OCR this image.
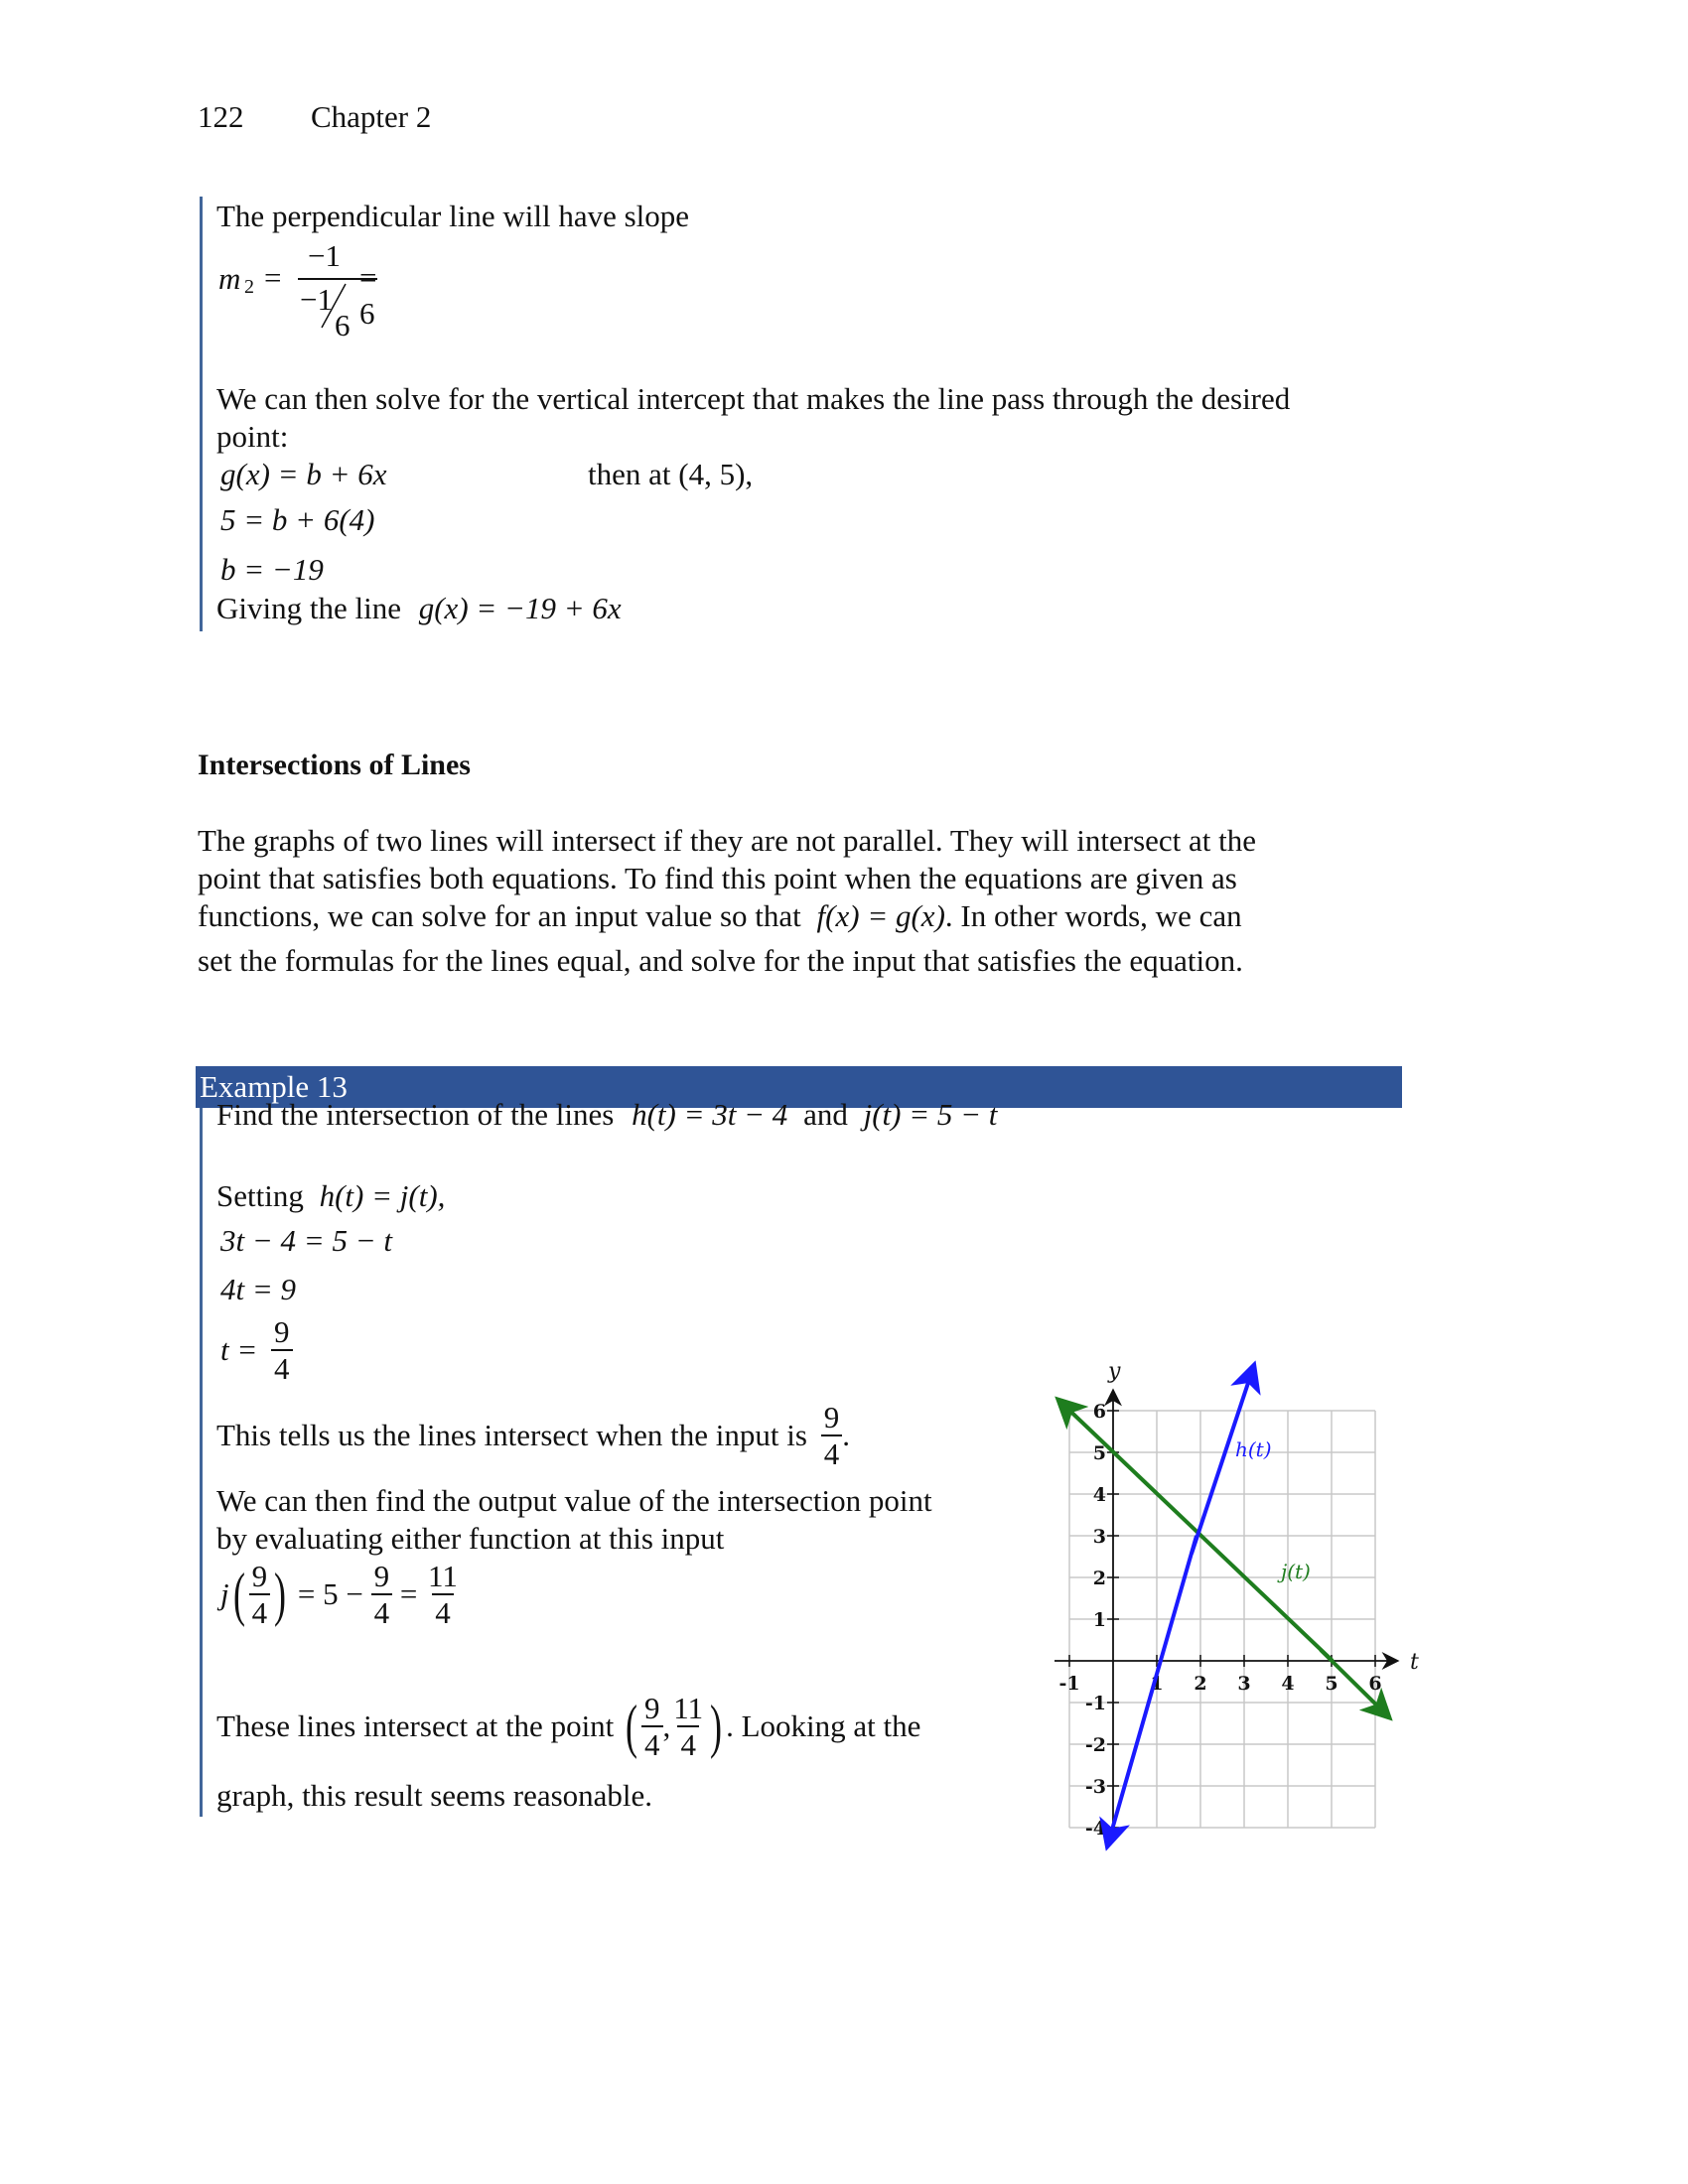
122 Chapter 2
The perpendicular line will have slope
m 2 =
−1
−1
6
= 6
We can then solve for the vertical intercept that makes the line pass through the desired
point:
g(x) = b + 6x	then at (4, 5),
5 = b + 6(4)
b = −19
Giving the line g(x) = −19 + 6x
Intersections of Lines
The graphs of two lines will intersect if they are not parallel. They will intersect at the
point that satisfies both equations. To find this point when the equations are given as
functions, we can solve for an input value so that f(x) = g(x). In other words, we can
set the formulas for the lines equal, and solve for the input that satisfies the equation.
Example 13
Find the intersection of the lines h(t) = 3t − 4 and j(t) = 5 − t
Setting h(t) = j(t),
3t − 4 = 5 − t
4t = 9
$t = \frac{9}{4}$
This tells us the lines intersect when the input is $\frac{9}{4}$ .
We can then find the output value of the intersection point
by evaluating either function at this input
$j( \frac{9}{4}$ ) = $5 - \frac{9}{4} = \frac{11}{4}$
These lines intersect at the point ( $\frac{9}{4}$ , $\frac{11}{4}$ ) . Looking at the
graph, this result seems reasonable.
-1	1 2 3 4 5 6
6
5
4
3
2
1
-1
-2
-3
-4
t
y
h(t)
j(t)
